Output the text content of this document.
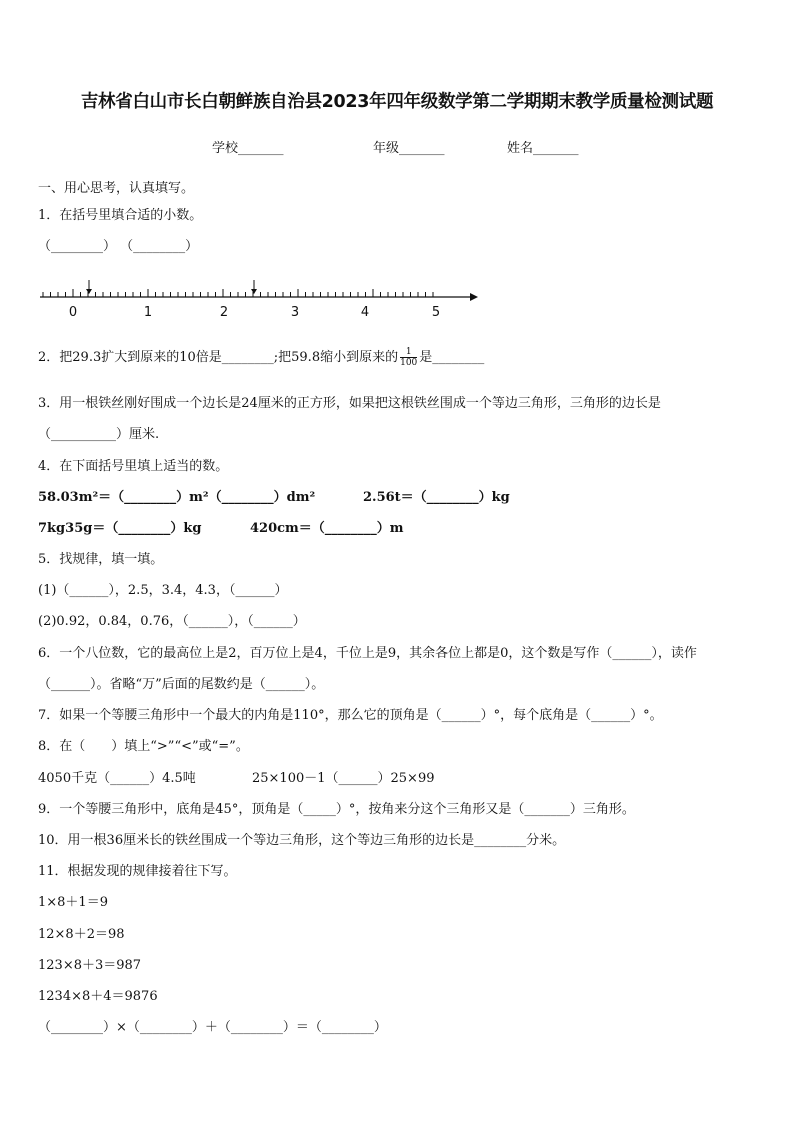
吉林省白山市长白朝鲜族自治县2023年四年级数学第二学期期末教学质量检测试题
学校_______	年级_______	姓名_______
一、用心思考，认真填写。
1．在括号里填合适的小数。
（________） （________）
0	1	2	3	4	5
2．把29.3扩大到原来的10倍是________;把59.8缩小到原来的 $\frac{1}{100}$ 是________
3．用一根铁丝刚好围成一个边长是24厘米的正方形，如果把这根铁丝围成一个等边三角形，三角形的边长是
（__________）厘米.
4．在下面括号里填上适当的数。
58.03m²＝（________）m²（________）dm²	2.56t＝（________）kg
7kg35g＝（________）kg	420cm＝（________）m
5．找规律，填一填。
(1)（______），2.5，3.4，4.3，（______）
(2)0.92，0.84，0.76，（______），（______）
6．一个八位数，它的最高位上是2，百万位上是4，千位上是9，其余各位上都是0，这个数是写作（______），读作
（______）。省略“万”后面的尾数约是（______）。
7．如果一个等腰三角形中一个最大的内角是110°，那么它的顶角是（______）°，每个底角是（______）°。
8．在（　　）填上“>”“<”或“=”。
4050千克（______）4.5吨	25×100－1（______）25×99
9．一个等腰三角形中，底角是45°，顶角是（_____）°，按角来分这个三角形又是（_______）三角形。
10．用一根36厘米长的铁丝围成一个等边三角形，这个等边三角形的边长是________分米。
11．根据发现的规律接着往下写。
1×8＋1＝9
12×8＋2＝98
123×8＋3＝987
1234×8＋4＝9876
（________）×（________）＋（________）＝（________）
